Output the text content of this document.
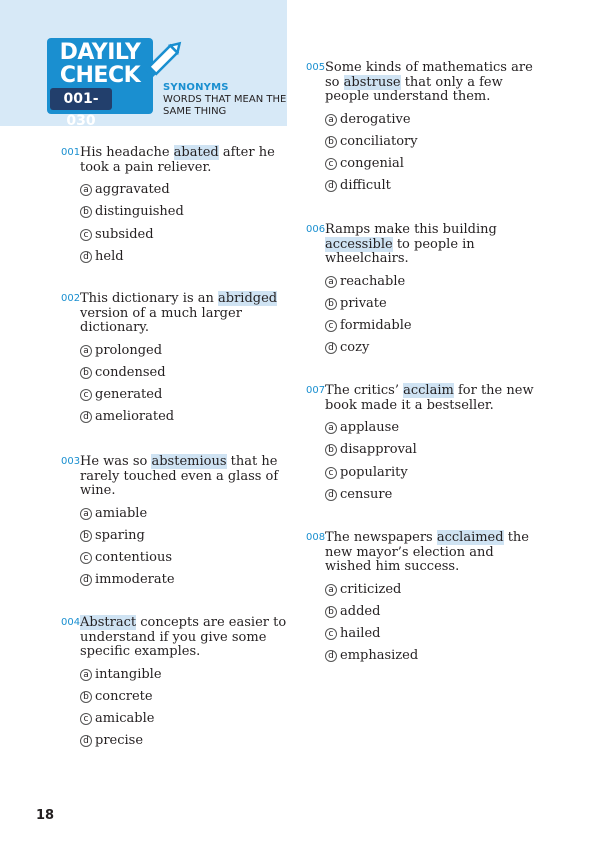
DAYILY
CHECK
001-030
SYNONYMS
WORDS THAT MEAN THE SAME THING
001 His headache abated after he took a pain reliever.
a aggravated
b distinguished
c subsided
d held
002 This dictionary is an abridged version of a much larger dictionary.
a prolonged
b condensed
c generated
d ameliorated
003 He was so abstemious that he rarely touched even a glass of wine.
a amiable
b sparing
c contentious
d immoderate
004 Abstract concepts are easier to understand if you give some specific examples.
a intangible
b concrete
c amicable
d precise
005 Some kinds of mathematics are so abstruse that only a few people understand them.
a derogative
b conciliatory
c congenial
d difficult
006 Ramps make this building accessible to people in wheelchairs.
a reachable
b private
c formidable
d cozy
007 The critics’ acclaim for the new book made it a bestseller.
a applause
b disapproval
c popularity
d censure
008 The newspapers acclaimed the new mayor’s election and wished him success.
a criticized
b added
c hailed
d emphasized
18
